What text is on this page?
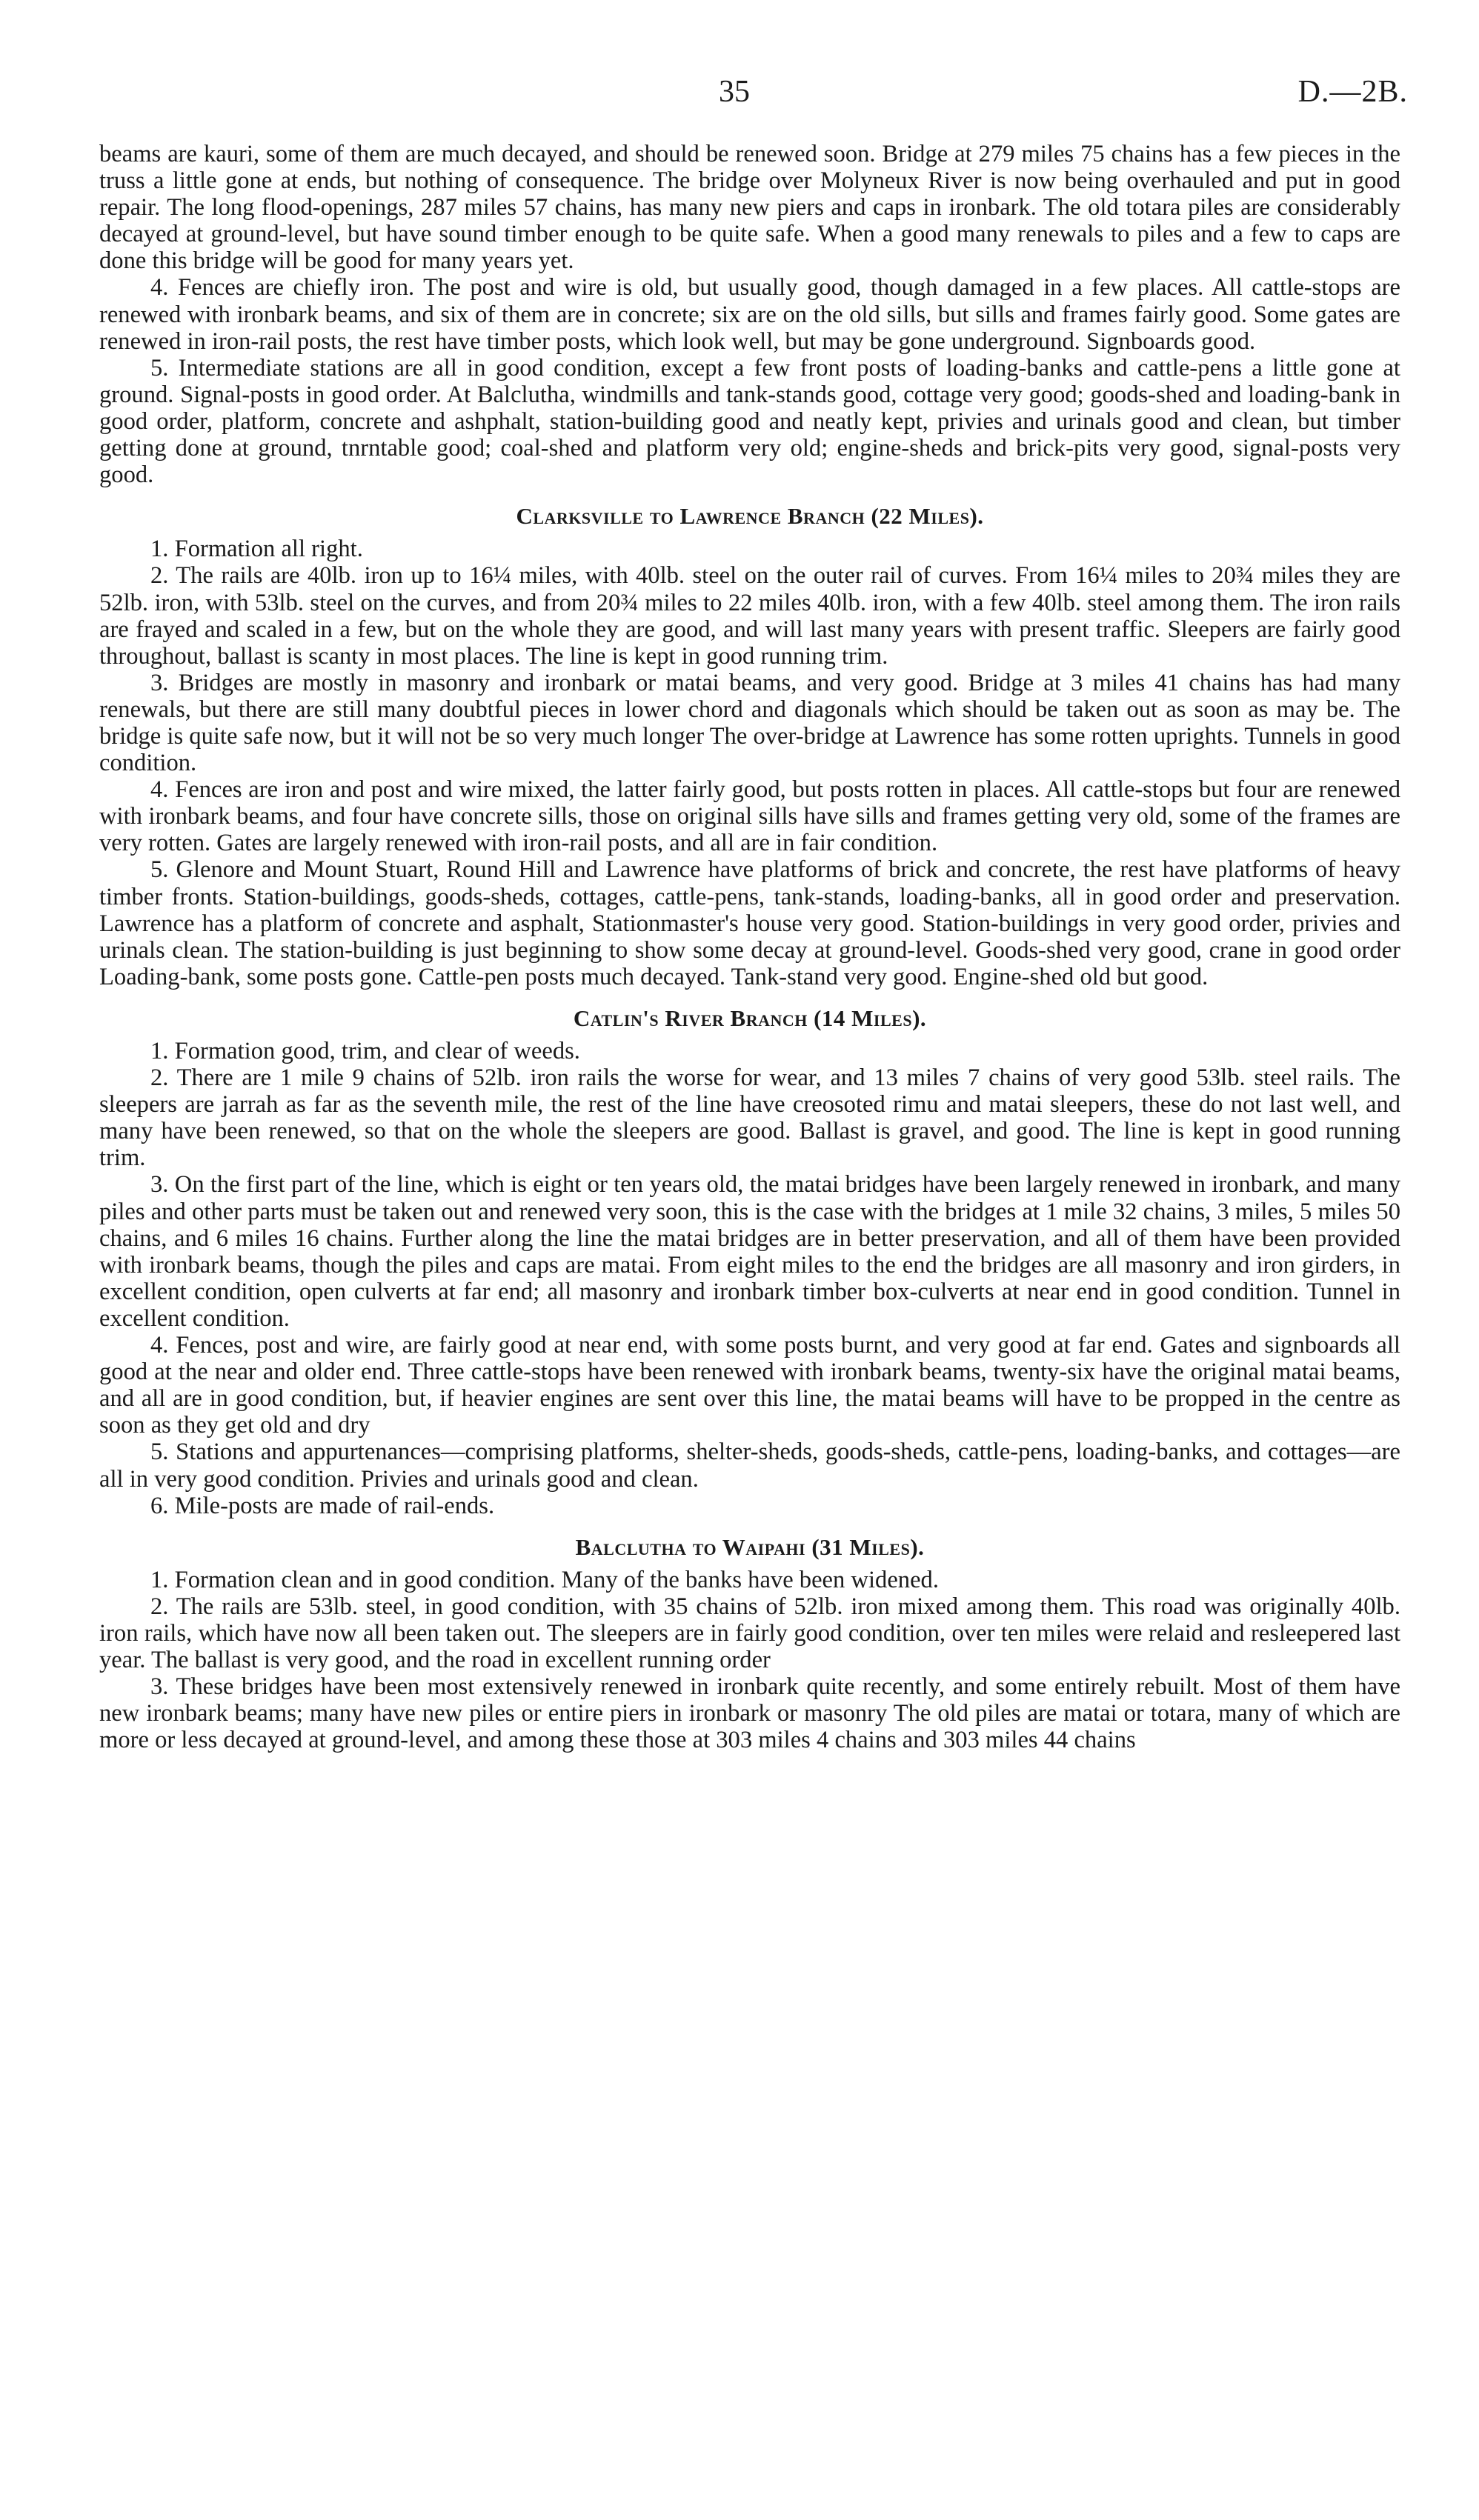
35	D.—2B.

beams are kauri, some of them are much decayed, and should be renewed soon. Bridge at 279 miles 75 chains has a few pieces in the truss a little gone at ends, but nothing of consequence. The bridge over Molyneux River is now being overhauled and put in good repair. The long flood-openings, 287 miles 57 chains, has many new piers and caps in ironbark. The old totara piles are considerably decayed at ground-level, but have sound timber enough to be quite safe. When a good many renewals to piles and a few to caps are done this bridge will be good for many years yet.

4. Fences are chiefly iron. The post and wire is old, but usually good, though damaged in a few places. All cattle-stops are renewed with ironbark beams, and six of them are in concrete; six are on the old sills, but sills and frames fairly good. Some gates are renewed in iron-rail posts, the rest have timber posts, which look well, but may be gone underground. Signboards good.

5. Intermediate stations are all in good condition, except a few front posts of loading-banks and cattle-pens a little gone at ground. Signal-posts in good order. At Balclutha, windmills and tank-stands good, cottage very good; goods-shed and loading-bank in good order, platform, concrete and ashphalt, station-building good and neatly kept, privies and urinals good and clean, but timber getting done at ground, tnrntable good; coal-shed and platform very old; engine-sheds and brick-pits very good, signal-posts very good.

Clarksville to Lawrence Branch (22 Miles).

1. Formation all right.

2. The rails are 40lb. iron up to 16¼ miles, with 40lb. steel on the outer rail of curves. From 16¼ miles to 20¾ miles they are 52lb. iron, with 53lb. steel on the curves, and from 20¾ miles to 22 miles 40lb. iron, with a few 40lb. steel among them. The iron rails are frayed and scaled in a few, but on the whole they are good, and will last many years with present traffic. Sleepers are fairly good throughout, ballast is scanty in most places. The line is kept in good running trim.

3. Bridges are mostly in masonry and ironbark or matai beams, and very good. Bridge at 3 miles 41 chains has had many renewals, but there are still many doubtful pieces in lower chord and diagonals which should be taken out as soon as may be. The bridge is quite safe now, but it will not be so very much longer The over-bridge at Lawrence has some rotten uprights. Tunnels in good condition.

4. Fences are iron and post and wire mixed, the latter fairly good, but posts rotten in places. All cattle-stops but four are renewed with ironbark beams, and four have concrete sills, those on original sills have sills and frames getting very old, some of the frames are very rotten. Gates are largely renewed with iron-rail posts, and all are in fair condition.

5. Glenore and Mount Stuart, Round Hill and Lawrence have platforms of brick and concrete, the rest have platforms of heavy timber fronts. Station-buildings, goods-sheds, cottages, cattle-pens, tank-stands, loading-banks, all in good order and preservation. Lawrence has a platform of concrete and asphalt, Stationmaster's house very good. Station-buildings in very good order, privies and urinals clean. The station-building is just beginning to show some decay at ground-level. Goods-shed very good, crane in good order Loading-bank, some posts gone. Cattle-pen posts much decayed. Tank-stand very good. Engine-shed old but good.

Catlin's River Branch (14 Miles).

1. Formation good, trim, and clear of weeds.

2. There are 1 mile 9 chains of 52lb. iron rails the worse for wear, and 13 miles 7 chains of very good 53lb. steel rails. The sleepers are jarrah as far as the seventh mile, the rest of the line have creosoted rimu and matai sleepers, these do not last well, and many have been renewed, so that on the whole the sleepers are good. Ballast is gravel, and good. The line is kept in good running trim.

3. On the first part of the line, which is eight or ten years old, the matai bridges have been largely renewed in ironbark, and many piles and other parts must be taken out and renewed very soon, this is the case with the bridges at 1 mile 32 chains, 3 miles, 5 miles 50 chains, and 6 miles 16 chains. Further along the line the matai bridges are in better preservation, and all of them have been provided with ironbark beams, though the piles and caps are matai. From eight miles to the end the bridges are all masonry and iron girders, in excellent condition, open culverts at far end; all masonry and ironbark timber box-culverts at near end in good condition. Tunnel in excellent condition.

4. Fences, post and wire, are fairly good at near end, with some posts burnt, and very good at far end. Gates and signboards all good at the near and older end. Three cattle-stops have been renewed with ironbark beams, twenty-six have the original matai beams, and all are in good condition, but, if heavier engines are sent over this line, the matai beams will have to be propped in the centre as soon as they get old and dry

5. Stations and appurtenances—comprising platforms, shelter-sheds, goods-sheds, cattle-pens, loading-banks, and cottages—are all in very good condition. Privies and urinals good and clean.

6. Mile-posts are made of rail-ends.

Balclutha to Waipahi (31 Miles).

1. Formation clean and in good condition. Many of the banks have been widened.

2. The rails are 53lb. steel, in good condition, with 35 chains of 52lb. iron mixed among them. This road was originally 40lb. iron rails, which have now all been taken out. The sleepers are in fairly good condition, over ten miles were relaid and resleepered last year. The ballast is very good, and the road in excellent running order

3. These bridges have been most extensively renewed in ironbark quite recently, and some entirely rebuilt. Most of them have new ironbark beams; many have new piles or entire piers in ironbark or masonry The old piles are matai or totara, many of which are more or less decayed at ground-level, and among these those at 303 miles 4 chains and 303 miles 44 chains
